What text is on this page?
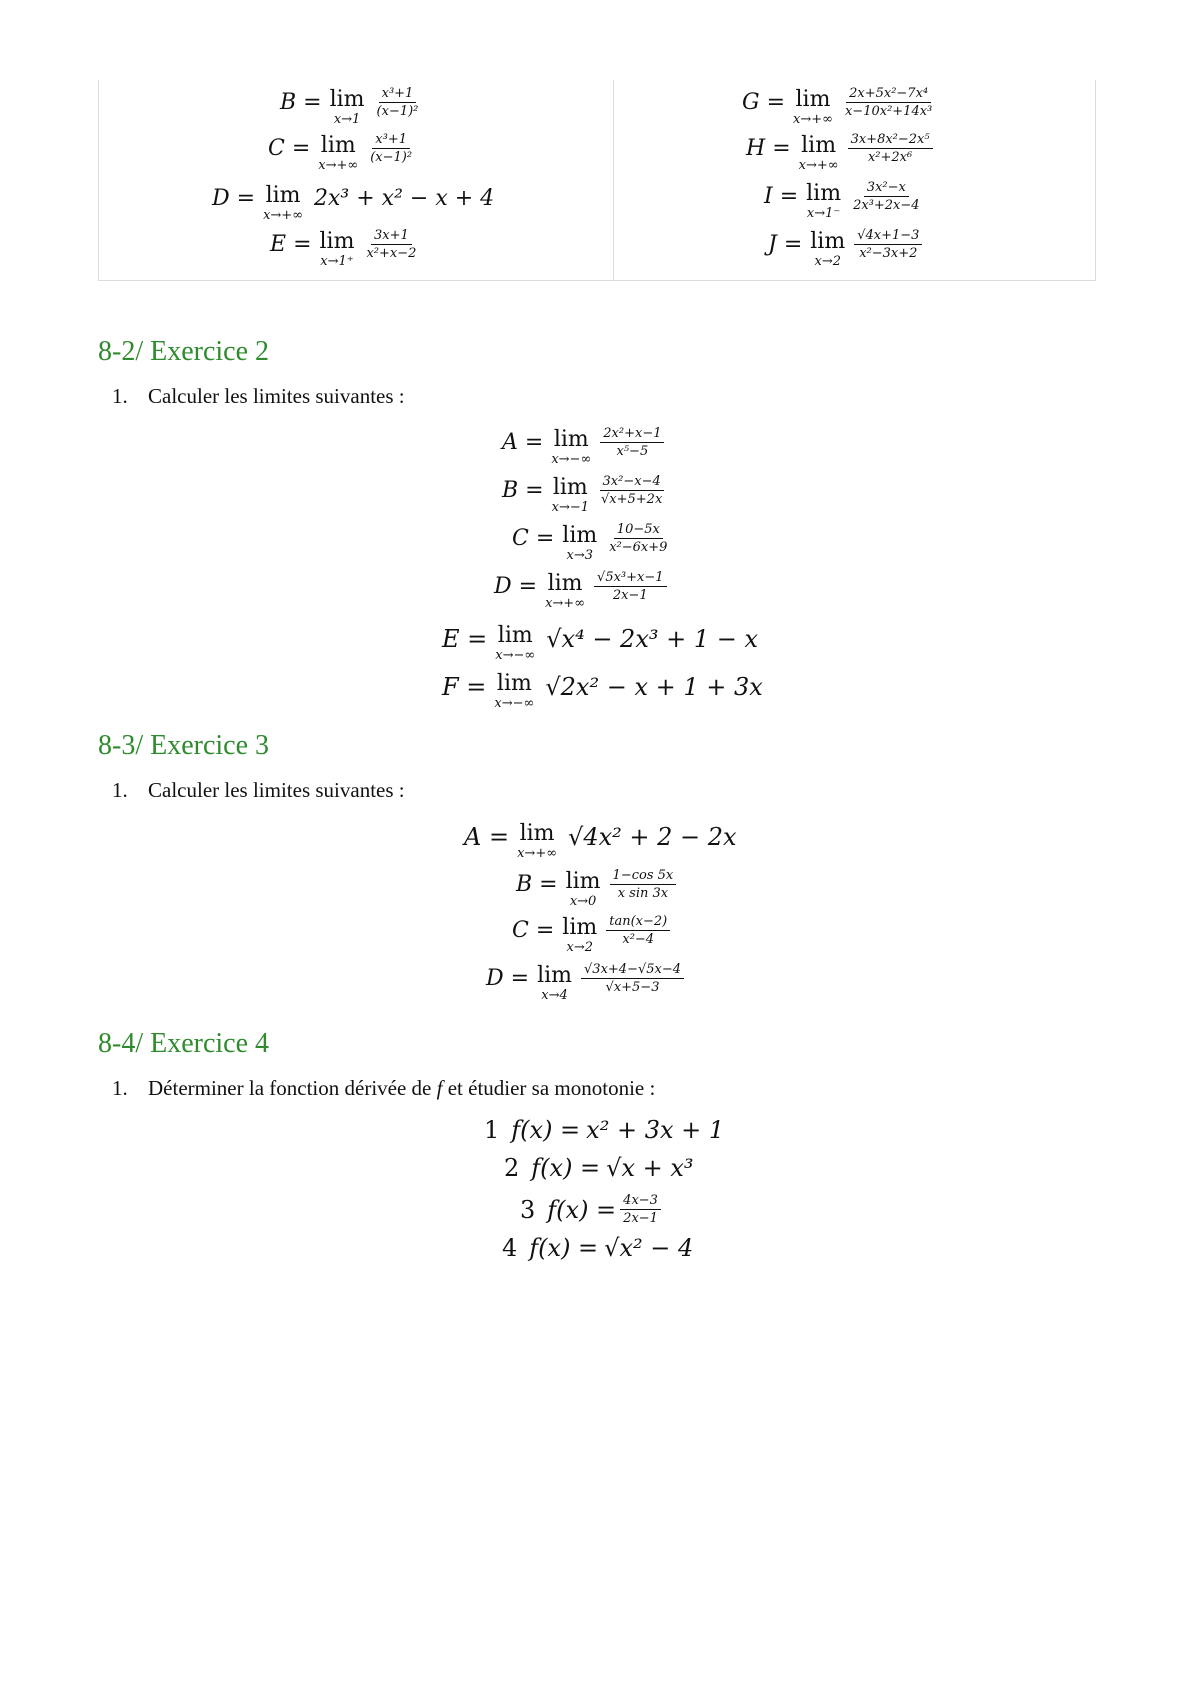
B
= lim
x→1
$\frac{\text{x³+1}}{\text{(x−1)²}}$
C
= lim
x→+∞
$\frac{\text{x³+1}}{\text{(x−1)²}}$
D
= lim
x→+∞
2x³ + x² − x + 4
E
= lim
x→1⁺
$\frac{3x+1}{\text{x²+x−2}}$
G
= lim
x→+∞
$\frac{\text{2x+5x²−7x⁴}}{\text{x−10x²+14x³}}$
H
= lim
x→+∞
$\frac{\text{3x+8x²−2x⁵}}{\text{x²+2x⁶}}$
I
= lim
x→1⁻
$\frac{\text{3x²−x}}{\text{2x³+2x−4}}$
J
= lim
x→2
$\frac{√4x+1-3}{\text{x²−3x+2}}$
8-2/ Exercice 2

1. Calculer les limites suivantes :

A
= lim
x→−∞
$\frac{\text{2x²+x−1}}{\text{x⁵−5}}$
B
= lim
x→−1
$\frac{\text{3x²−x−4}}{√x+5+2x}$
C
= lim
x→3
$\frac{10-5x}{\text{x²−6x+9}}$
D
= lim
x→+∞
$\frac{\text{√5x³+x−1}}{2x-1}$
E
= lim
x→−∞
√x⁴ − 2x³ + 1 − x
F
= lim
x→−∞
√2x² − x + 1 + 3x
8-3/ Exercice 3

1. Calculer les limites suivantes :

A
= lim
x→+∞
√4x² + 2 − 2x
B
= lim
x→0
$\frac{1-\cos 5x}{\text{x sin 3x}}$
C
= lim
x→2
$\frac{\tan(x-2)}{\text{x²−4}}$
D
= lim
x→4
$\frac{√3x+4-√5x-4}{√x+5-3}$
8-4/ Exercice 4

1. Déterminer la fonction dérivée de f et étudier sa monotonie :

1 f(x) = x² + 3x + 1
2 f(x) = √x + x³
3 $f(x) = \frac{4x-3}{2x-1}$
4 f(x) = √x² − 4
